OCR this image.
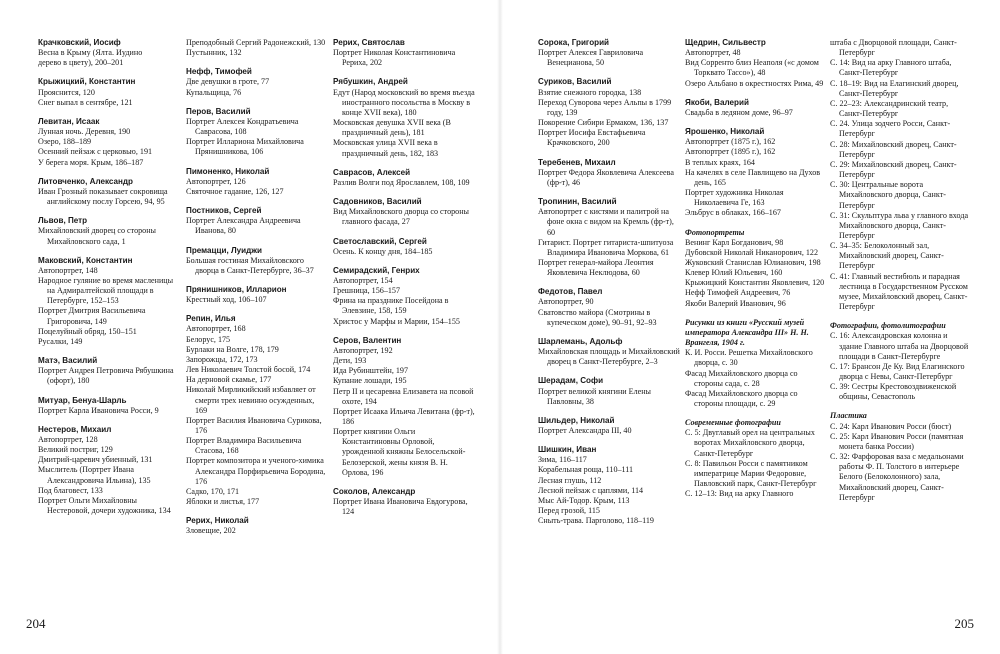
Крачковский, Иосиф
Весна в Крыму (Ялта. Иудино
дерево в цвету), 200–201
Крыжицкий, Константин
Прояснится, 120
Снег выпал в сентябре, 121
Левитан, Исаак
Лунная ночь. Деревня, 190
Озеро, 188–189
Осенний пейзаж с церковью, 191
У берега моря. Крым, 186–187
Литовченко, Александр
Иван Грозный показывает сокровища английскому послу Горсею, 94, 95
Львов, Петр
Михайловский дворец со стороны Михайловского сада, 1
Маковский, Константин
Автопортрет, 148
Народное гуляние во время масленицы на Адмиралтейской площади в Петербурге, 152–153
Портрет Дмитрия Васильевича Григоровича, 149
Поцелуйный обряд, 150–151
Русалки, 149
Матэ, Василий
Портрет Андрея Петровича Рябушкина (офорт), 180
Митуар, Бенуа-Шарль
Портрет Карла Ивановича Росси, 9
Нестеров, Михаил
Автопортрет, 128
Великий постриг, 129
Дмитрий-царевич убиенный, 131
Мыслитель (Портрет Ивана Александровича Ильина), 135
Под благовест, 133
Портрет Ольги Михайловны Нестеровой, дочери художника, 134
Преподобный Сергий Радонежский, 130
Пустынник, 132
Нефф, Тимофей
Две девушки в гроте, 77
Купальщица, 76
Перов, Василий
Портрет Алексея Кондратьевича Саврасова, 108
Портрет Иллариона Михайловича Прянишникова, 106
Пимоненко, Николай
Автопортрет, 126
Святочное гадание, 126, 127
Постников, Сергей
Портрет Александра Андреевича Иванова, 80
Премацци, Луиджи
Большая гостиная Михайловского дворца в Санкт-Петербурге, 36–37
Прянишников, Илларион
Крестный ход, 106–107
Репин, Илья
Автопортрет, 168
Белорус, 175
Бурлаки на Волге, 178, 179
Запорожцы, 172, 173
Лев Николаевич Толстой босой, 174
На дерновой скамье, 177
Николай Мирликийский избавляет от смерти трех невинно осужденных, 169
Портрет Василия Ивановича Сурикова, 176
Портрет Владимира Васильевича Стасова, 168
Портрет композитора и ученого-химика Александра Порфирьевича Бородина, 176
Садко, 170, 171
Яблоки и листья, 177
Рерих, Николай
Зловещие, 202
Рерих, Святослав
Портрет Николая Константиновича Рериха, 202
Рябушкин, Андрей
Едут (Народ московский во время въезда иностранного посольства в Москву в конце XVII века), 180
Московская девушка XVII века (В праздничный день), 181
Московская улица XVII века в праздничный день, 182, 183
Саврасов, Алексей
Разлив Волги под Ярославлем, 108, 109
Садовников, Василий
Вид Михайловского дворца со стороны главного фасада, 27
Светославский, Сергей
Осень. К концу дня, 184–185
Семирадский, Генрих
Автопортрет, 154
Грешница, 156–157
Фрина на празднике Посейдона в Элевзине, 158, 159
Христос у Марфы и Марии, 154–155
Серов, Валентин
Автопортрет, 192
Дети, 193
Ида Рубинштейн, 197
Купание лошади, 195
Петр II и цесаревна Елизавета на псовой охоте, 194
Портрет Исаака Ильича Левитана (фр-т), 186
Портрет княгини Ольги Константиновны Орловой, урожденной княжны Белосельской-Белозерской, жены князя В. Н. Орлова, 196
Соколов, Александр
Портрет Ивана Ивановича Евдогурова, 124
204
Сорока, Григорий
Портрет Алексея Гавриловича Венецианова, 50
Суриков, Василий
Взятие снежного городка, 138
Переход Суворова через Альпы в 1799 году, 139
Покорение Сибири Ермаком, 136, 137
Портрет Иосифа Евстафьевича Крачковского, 200
Теребенев, Михаил
Портрет Федора Яковлевича Алексеева (фр-т), 46
Тропинин, Василий
Автопортрет с кистями и палитрой на фоне окна с видом на Кремль (фр-т), 60
Гитарист. Портрет гитариста-шпитуоза Владимира Ивановича Моркова, 61
Портрет генерал-майора Леонтия Яковлевича Неклюдова, 60
Федотов, Павел
Автопортрет, 90
Сватовство майора (Смотрины в купеческом доме), 90–91, 92–93
Шарлемань, Адольф
Михайловская площадь и Михайловский дворец в Санкт-Петербурге, 2–3
Шерадам, Софи
Портрет великой княгини Елены Павловны, 38
Шильдер, Николай
Портрет Александра III, 40
Шишкин, Иван
Зима, 116–117
Корабельная роща, 110–111
Лесная глушь, 112
Лесной пейзаж с цаплями, 114
Мыс Ай-Тодор. Крым, 113
Перед грозой, 115
Сныть-трава. Парголово, 118–119
Щедрин, Сильвестр
Автопортрет, 48
Вид Сорренто близ Неаполя («с домом Торквато Тассо»), 48
Озеро Альбано в окрестностях Рима, 49
Якоби, Валерий
Свадьба в ледяном доме, 96–97
Ярошенко, Николай
Автопортрет (1875 г.), 162
Автопортрет (1895 г.), 162
В теплых краях, 164
На качелях в селе Павлищево на Духов день, 165
Портрет художника Николая Николаевича Ге, 163
Эльбрус в облаках, 166–167
Фотопортреты
Венинг Карл Богданович, 98
Дубовской Николай Никанорович, 122
Жуковский Станислав Юлианович, 198
Клевер Юлий Юльевич, 160
Крыжицкий Константин Яковлевич, 120
Нефф Тимофей Андреевич, 76
Якоби Валерий Иванович, 96
Рисунки из книги «Русский музей императора Александра III» Н. Н. Врангеля, 1904 г.
К. И. Росси. Решетка Михайловского дворца, с. 30
Фасад Михайловского дворца со стороны сада, с. 28
Фасад Михайловского дворца со стороны площади, с. 29
Современные фотографии
С. 5: Двуглавый орел на центральных воротах Михайловского дворца, Санкт-Петербург
С. 8: Павильон Росси с памятником императрице Марии Федоровне, Павловский парк, Санкт-Петербург
С. 12–13: Вид на арку Главного
штаба с Дворцовой площади, Санкт-Петербург
С. 14: Вид на арку Главного штаба, Санкт-Петербург
С. 18–19: Вид на Елагинский дворец, Санкт-Петербург
С. 22–23: Александринский театр, Санкт-Петербург
С. 24. Улица зодчего Росси, Санкт-Петербург
С. 28: Михайловский дворец, Санкт-Петербург
С. 29: Михайловский дворец, Санкт-Петербург
С. 30: Центральные ворота Михайловского дворца, Санкт-Петербург
С. 31: Скульптура льва у главного входа Михайловского дворца, Санкт-Петербург
С. 34–35: Белоколонный зал, Михайловский дворец, Санкт-Петербург
С. 41: Главный вестибюль и парадная лестница в Государственном Русском музее, Михайловский дворец, Санкт-Петербург
Фотографии, фотолитографии
С. 16: Александровская колонна и здание Главного штаба на Дворцовой площади в Санкт-Петербурге
С. 17: Брансон Де Ку. Вид Елагинского дворца с Невы, Санкт-Петербург
С. 39: Сестры Крестовоздвиженской общины, Севастополь
Пластика
С. 24: Карл Иванович Росси (бюст)
С. 25: Карл Иванович Росси (памятная монета банка России)
С. 32: Фарфоровая ваза с медальонами работы Ф. П. Толстого в интерьере Белого (Белоколонного) зала, Михайловский дворец, Санкт-Петербург
205
